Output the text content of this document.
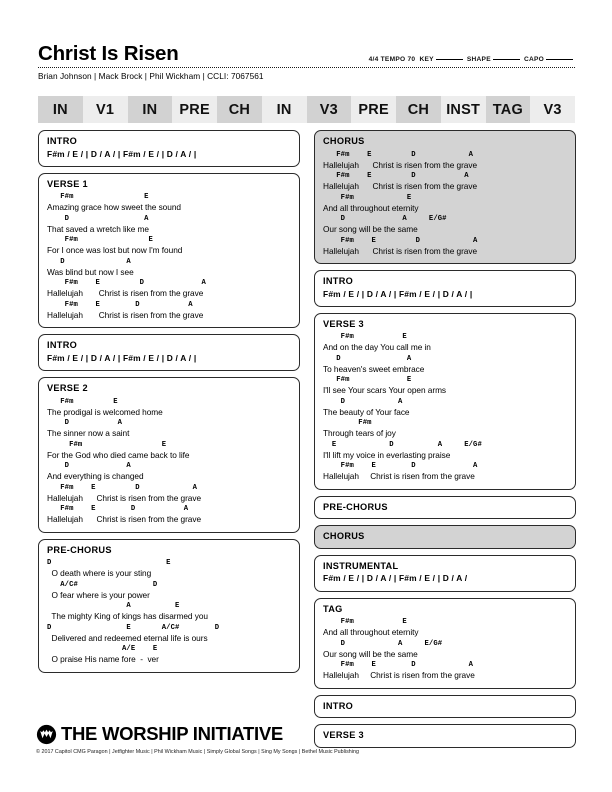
Christ Is Risen	4/4 TEMPO 70 KEY	SHAPE	CAPO
Brian Johnson | Mack Brock | Phil Wickham | CCLI: 7067561
IN	V1	IN	PRE	CH	IN	V3	PRE	CH	INST TAG	V3
INTRO
F#m / E / | D / A / | F#m / E / | D / A / |
VERSE 1
F#m                E
Amazing grace how sweet the sound
D                 A
That saved a wretch like me
F#m                E
For I once was lost but now I'm found
D              A
Was blind but now I see
F#m    E         D             A
Hallelujah       Christ is risen from the grave
F#m    E        D           A
Hallelujah       Christ is risen from the grave
INTRO
F#m / E / | D / A / | F#m / E / | D / A / |
VERSE 2
F#m         E
The prodigal is welcomed home
D           A
The sinner now a saint
F#m                  E
For the God who died came back to life
D             A
And everything is changed
F#m    E         D            A
Hallelujah      Christ is risen from the grave
F#m    E        D           A
Hallelujah      Christ is risen from the grave
PRE-CHORUS
D                          E
O death where is your sting
A/C#                 D
O fear where is your power
A          E
The mighty King of kings has disarmed you
D                 E       A/C#        D
Delivered and redeemed eternal life is ours
A/E    E
O praise His name fore  -  ver
CHORUS
F#m    E         D            A
Hallelujah      Christ is risen from the grave
F#m    E         D           A
Hallelujah      Christ is risen from the grave
F#m            E
And all throughout eternity
D             A     E/G#
Our song will be the same
F#m    E         D            A
Hallelujah      Christ is risen from the grave
INTRO
F#m / E / | D / A / | F#m / E / | D / A / |
VERSE 3
F#m           E
And on the day You call me in
D               A
To heaven's sweet embrace
F#m             E
I'll see Your scars Your open arms
D            A
The beauty of Your face
F#m
Through tears of joy
E            D          A     E/G#
I'll lift my voice in everlasting praise
F#m    E        D             A
Hallelujah     Christ is risen from the grave
PRE-CHORUS
CHORUS
INSTRUMENTAL
F#m / E / | D / A / | F#m / E / | D / A /
TAG
F#m           E
And all throughout eternity
D            A     E/G#
Our song will be the same
F#m    E        D            A
Hallelujah     Christ is risen from the grave
INTRO
VERSE 3
THE WORSHIP INITIATIVE
© 2017 Capitol CMG Paragon | Jetfighter Music | Phil Wickham Music | Simply Global Songs | Sing My Songs | Bethel Music Publishing
